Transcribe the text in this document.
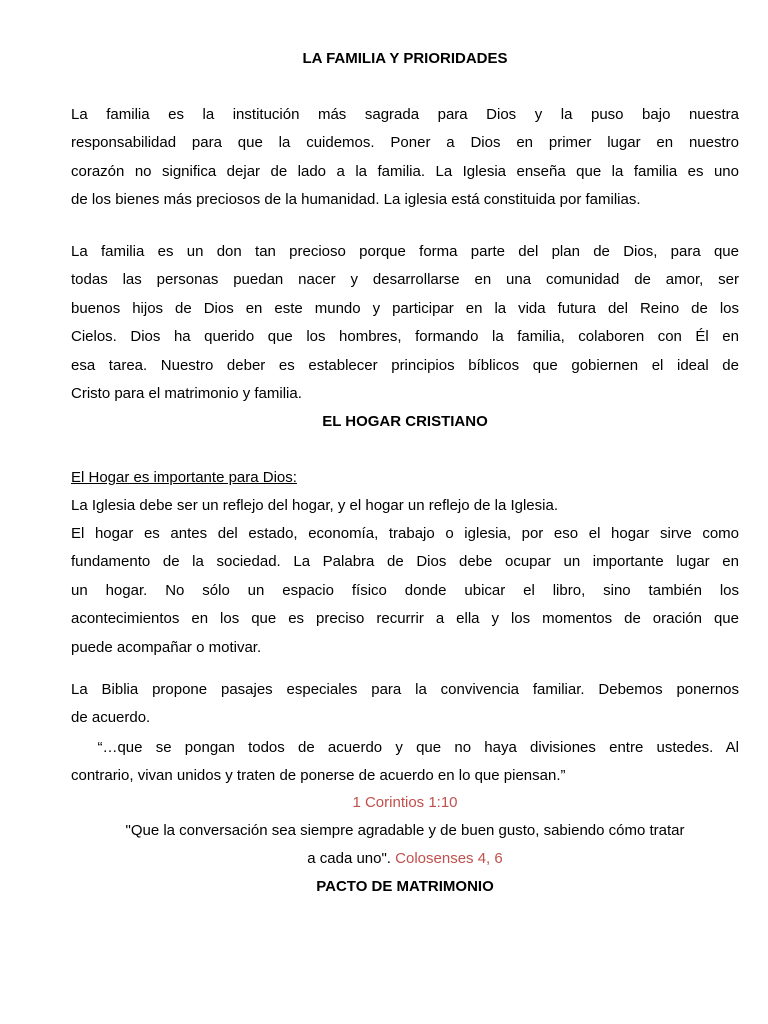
LA FAMILIA Y PRIORIDADES
La familia es la institución más sagrada para Dios y la puso bajo nuestra
responsabilidad para que la cuidemos. Poner a Dios en primer lugar en nuestro
corazón no significa dejar de lado a la familia. La Iglesia enseña que la familia es uno
de los bienes más preciosos de la humanidad. La iglesia está constituida por familias.
La familia es un don tan precioso porque forma parte del plan de Dios, para que
todas las personas puedan nacer y desarrollarse en una comunidad de amor, ser
buenos hijos de Dios en este mundo y participar en la vida futura del Reino de los
Cielos. Dios ha querido que los hombres, formando la familia, colaboren con Él en
esa tarea. Nuestro deber es establecer principios bíblicos que gobiernen el ideal de
Cristo para el matrimonio y familia.
EL HOGAR CRISTIANO
El Hogar es importante para Dios:
La Iglesia debe ser un reflejo del hogar, y el hogar un reflejo de la Iglesia.
El hogar es antes del estado, economía, trabajo o iglesia, por eso el hogar sirve como
fundamento de la sociedad. La Palabra de Dios debe ocupar un importante lugar en
un hogar. No sólo un espacio físico donde ubicar el libro, sino también los
acontecimientos en los que es preciso recurrir a ella y los momentos de oración que
puede acompañar o motivar.
La Biblia propone pasajes especiales para la convivencia familiar. Debemos ponernos
de acuerdo.
“…que se pongan todos de acuerdo y que no haya divisiones entre ustedes. Al
contrario, vivan unidos y traten de ponerse de acuerdo en lo que piensan.”
1 Corintios 1:10
"Que la conversación sea siempre agradable y de buen gusto, sabiendo cómo tratar
a cada uno". Colosenses 4, 6
PACTO DE MATRIMONIO
